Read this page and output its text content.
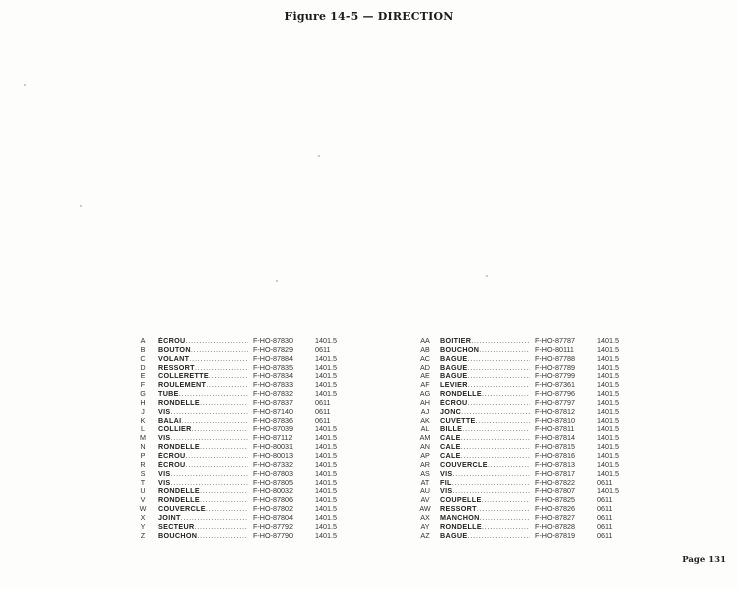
Figure 14-5 — DIRECTION
A	ÉCROU .....	F-HO-87830	1401.5
B	BOUTON .....	F-HO-87829	0611
C	VOLANT .....	F-HO-87884	1401.5
D	RESSORT .....	F-HO-87835	1401.5
E	COLLERETTE .....	F-HO-87834	1401.5
F	ROULEMENT .....	F-HO-87833	1401.5
G	TUBE .....	F-HO-87832	1401.5
H	RONDELLE .....	F-HO-87837	0611
J	VIS .....	F-HO-87140	0611
K	BALAI .....	F-HO-87836	0611
L	COLLIER .....	F-HO-87039	1401.5
M	VIS .....	F-HO-87112	1401.5
N	RONDELLE .....	F-HO-80031	1401.5
P	ÉCROU .....	F-HO-80013	1401.5
R	ÉCROU .....	F-HO-87332	1401.5
S	VIS .....	F-HO-87803	1401.5
T	VIS .....	F-HO-87805	1401.5
U	RONDELLE .....	F-HO-80032	1401.5
V	RONDELLE .....	F-HO-87806	1401.5
W	COUVERCLE .....	F-HO-87802	1401.5
X	JOINT .....	F-HO-87804	1401.5
Y	SECTEUR .....	F-HO-87792	1401.5
Z	BOUCHON .....	F-HO-87790	1401.5
AA	BOITIER .....	F-HO-87787	1401.5
AB	BOUCHON .....	F-HO-80111	1401.5
AC BAGUE .....	F-HO-87788	1401.5
AD BAGUE .....	F-HO-87789	1401.5
AE	BAGUE .....	F-HO-87799	1401.5
AF	LEVIER .....	F-HO-87361	1401.5
AG RONDELLE .....	F-HO-87796	1401.5
AH ÉCROU .....	F-HO-87797	1401.5
AJ	JONC .....	F-HO-87812	1401.5
AK	CUVETTE .....	F-HO-87810	1401.5
AL	BILLE .....	F-HO-87811	1401.5
AM CALE .....	F-HO-87814	1401.5
AN CALE .....	F-HO-87815	1401.5
AP	CALE .....	F-HO-87816	1401.5
AR COUVERCLE .....	F-HO-87813	1401.5
AS	VIS .....	F-HO-87817	1401.5
AT	FIL .....	F-HO-87822	0611
AU VIS .....	F-HO-87807	1401.5
AV	COUPELLE .....	F-HO-87825	0611
AW RESSORT .....	F-HO-87826	0611
AX	MANCHON .....	F-HO-87827	0611
AY	RONDELLE .....	F-HO-87828	0611
AZ	BAGUE .....	F-HO-87819	0611
Page 131
